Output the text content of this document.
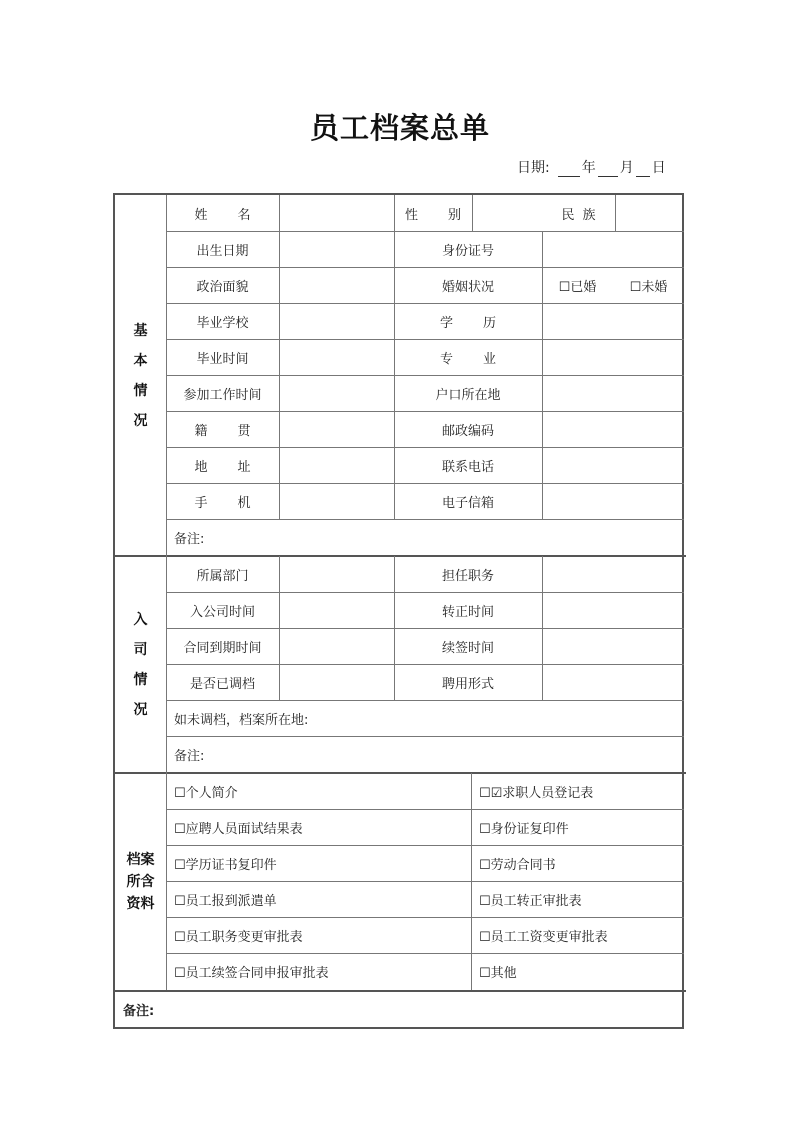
员工档案总单
日期: 年 月 日
基
本
情
况
入
司
情
况
档案
所含
资料
姓名	性别	民族
出生日期	身份证号
政治面貌	婚姻状况	☐已婚	☐未婚
毕业学校	学历
毕业时间	专业
参加工作时间	户口所在地
籍贯	邮政编码
地址	联系电话
手机	电子信箱
备注:
所属部门	担任职务
入公司时间	转正时间
合同到期时间	续签时间
是否已调档	聘用形式
如未调档，档案所在地:
备注:
☐个人简介	☐☑求职人员登记表
☐应聘人员面试结果表	☐身份证复印件
☐学历证书复印件	☐劳动合同书
☐员工报到派遣单	☐员工转正审批表
☐员工职务变更审批表	☐员工工资变更审批表
☐员工续签合同申报审批表	☐其他
备注:
